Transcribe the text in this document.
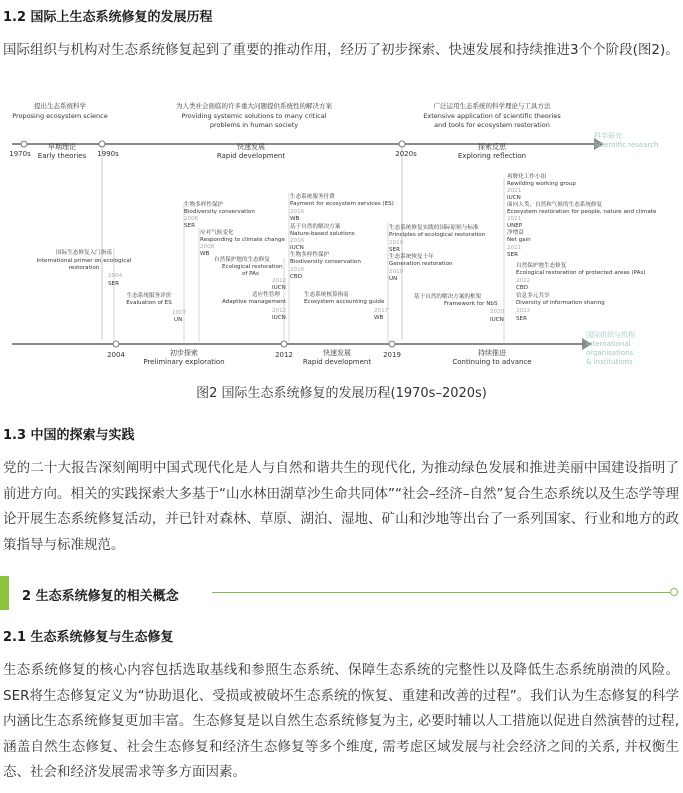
1.2 国际上生态系统修复的发展历程
国际组织与机构对生态系统修复起到了重要的推动作用，经历了初步探索、快速发展和持续推进3个个阶段(图2)。
提出生态系统科学
Proposing ecosystem science
为人类社会面临的许多重大问题提供系统性的解决方案
Providing systemic solutions to many critical
problems in human society
广泛运用生态系统的科学理论与工具方法
Extensive application of scientific theories
and tools for ecosystem restoration
1970s	1990s	2020s
早期理论
Early theories
快速发展
Rapid development
探索反思
Exploring reflection
科学研究
Scientific research
国际组织与机构
International
organisations
& institutions
2004	2012	2019
初步探索
Preliminary exploration
快速发展
Rapid development
持续推进
Continuing to advance
国际生态修复入门指南
International primer on ecological
restoration
2004
SER
生态系统服务评价
Evaluation of ES
2007
UN
生物多样性保护
Biodiversity conservation
2006
SER
应对气候变化
Responding to climate change
2008
WB
自然保护地的生态修复
Ecological restoration
of PAs
2012
IUCN
适应性管理
Adaptive management
2012
IUCN
生态系统服务付费
Payment for ecosystem services (ES)
2016
WB
基于自然的解决方案
Nature-based solutions
2016
IUCN
生物多样性保护
Biodiversity conservation
2016
CBD
生态系统核算指南
Ecosystem accounting guide
2017
WB
生态系统修复实践的国际原则与标准
Principles of ecological restoration
2019
SER
生态系统恢复十年
Generation restoration
2019
UN
基于自然的解决方案的框架
Framework for NbS
2020
IUCN
再野化工作小组
Rewilding working group
2021
IUCN
面向人类、自然和气候的生态系统修复
Ecosystem restoration for people, nature and climate
2021
UNEP
净增益
Net gain
2021
SER
自然保护地生态修复
Ecological restoration of protected areas (PAs)
2022
CBD
信息多元共享
Diversity of information sharing
2022
SER
图2 国际生态系统修复的发展历程(1970s–2020s)
1.3 中国的探索与实践
党的二十大报告深刻阐明中国式现代化是人与自然和谐共生的现代化, 为推动绿色发展和推进美丽中国建设指明了前进方向。相关的实践探索大多基于“山水林田湖草沙生命共同体”“社会–经济–自然”复合生态系统以及生态学等理论开展生态系统修复活动，并已针对森林、草原、湖泊、湿地、矿山和沙地等出台了一系列国家、行业和地方的政策指导与标准规范。
2 生态系统修复的相关概念
2.1 生态系统修复与生态修复
生态系统修复的核心内容包括选取基线和参照生态系统、保障生态系统的完整性以及降低生态系统崩溃的风险。SER将生态修复定义为“协助退化、受损或被破坏生态系统的恢复、重建和改善的过程”。我们认为生态修复的科学内涵比生态系统修复更加丰富。生态修复是以自然生态系统修复为主, 必要时辅以人工措施以促进自然演替的过程, 涵盖自然生态修复、社会生态修复和经济生态修复等多个维度, 需考虑区域发展与社会经济之间的关系, 并权衡生态、社会和经济发展需求等多方面因素。
